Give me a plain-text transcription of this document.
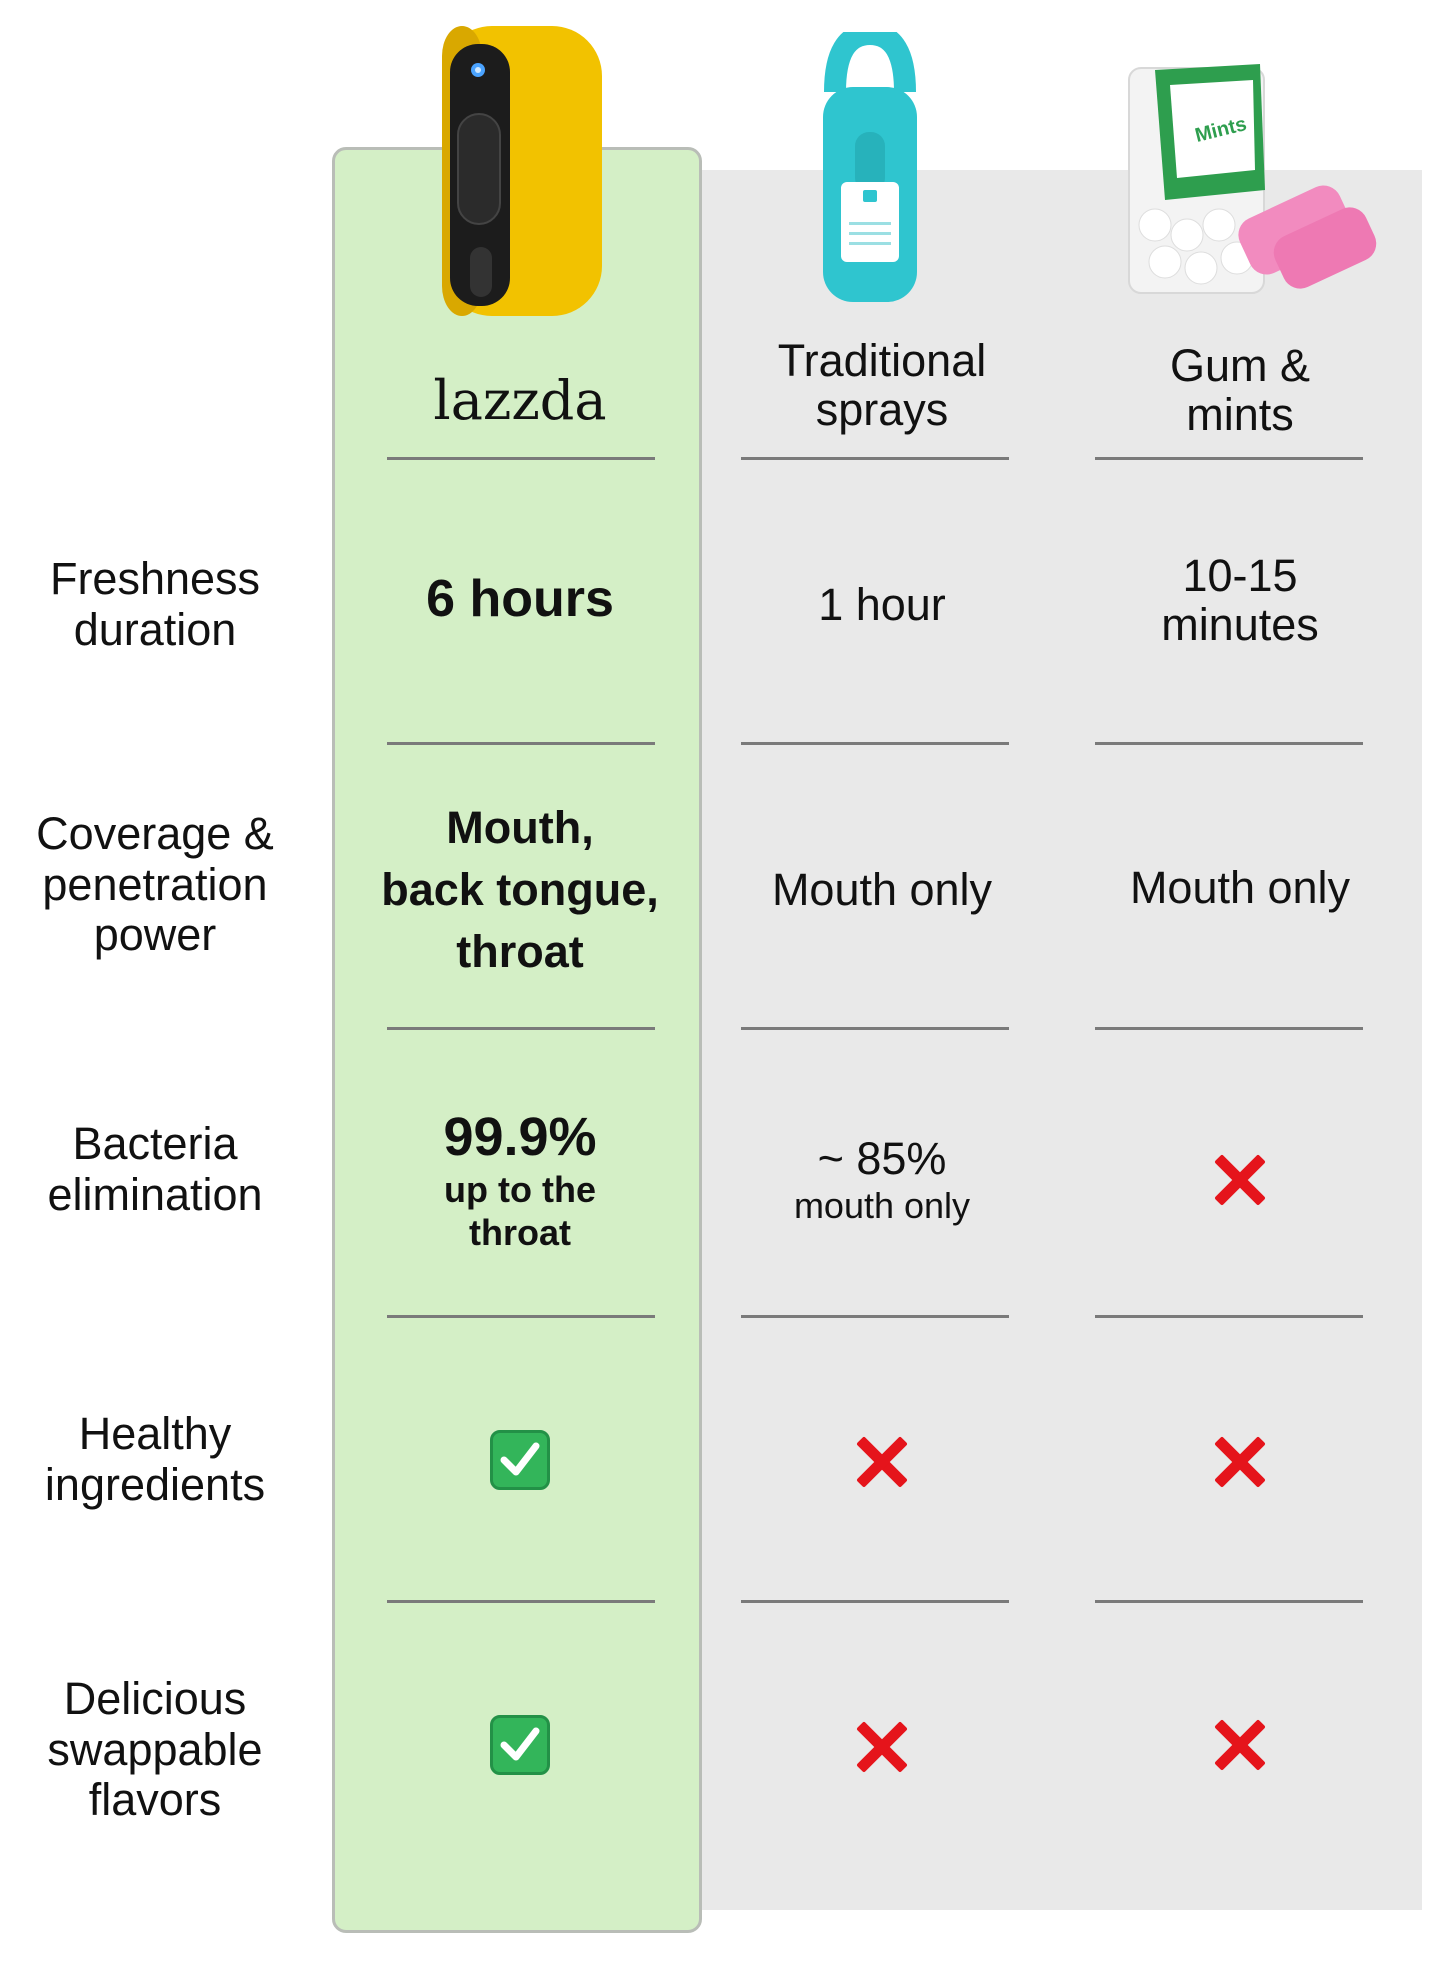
Mints
lazzda
Traditional
sprays
Gum &
mints
Freshness
duration
6 hours	1 hour
10-15
minutes
Coverage &
penetration
power
Mouth,
back tongue,
throat
Mouth only	Mouth only
Bacteria
elimination
99.9%
up to the
throat
~ 85%
mouth only
Healthy
ingredients
Delicious
swappable
flavors
